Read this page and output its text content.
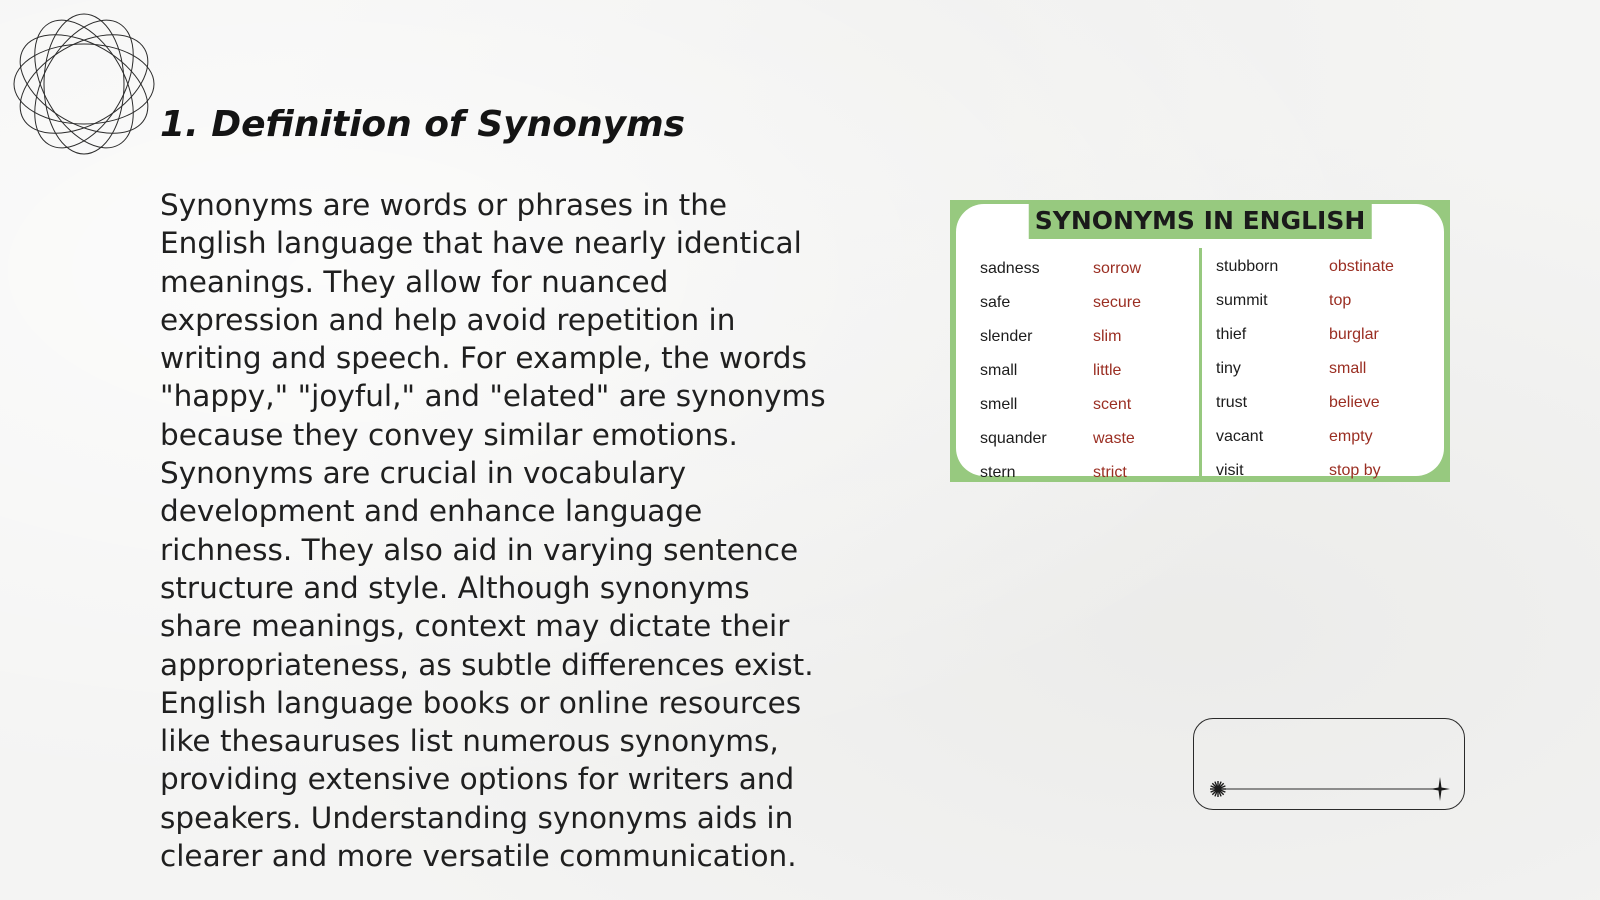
1. Definition of Synonyms

Synonyms are words or phrases in the English language that have nearly identical meanings. They allow for nuanced expression and help avoid repetition in writing and speech. For example, the words "happy," "joyful," and "elated" are synonyms because they convey similar emotions. Synonyms are crucial in vocabulary development and enhance language richness. They also aid in varying sentence structure and style. Although synonyms share meanings, context may dictate their appropriateness, as subtle differences exist. English language books or online resources like thesauruses list numerous synonyms, providing extensive options for writers and speakers. Understanding synonyms aids in clearer and more versatile communication.

SYNONYMS IN ENGLISH
sadness	sorrow
safe	secure
slender	slim
small	little
smell	scent
squander	waste
stern	strict
stubborn	obstinate
summit	top
thief	burglar
tiny	small
trust	believe
vacant	empty
visit	stop by
